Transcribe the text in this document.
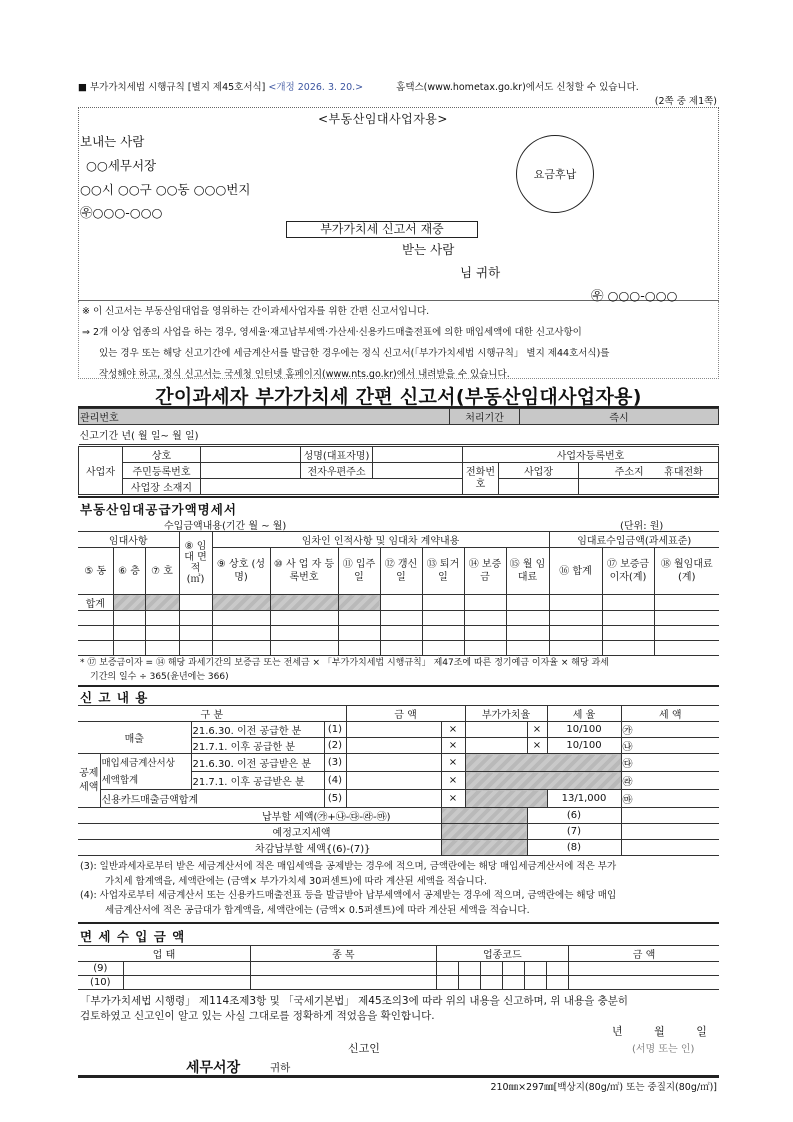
■ 부가가치세법 시행규칙 [별지 제45호서식] <개정 2026. 3. 20.>	홈택스(www.hometax.go.kr)에서도 신청할 수 있습니다.
(2쪽 중 제1쪽)
<부동산임대사업자용>
보내는 사람
○○세무서장
○○시 ○○구 ○○동 ○○○번지
㉾○○○-○○○
요금후납
부가가치세 신고서 재중
받는 사람
님 귀하
㉾ ○○○-○○○
※ 이 신고서는 부동산임대업을 영위하는 간이과세사업자를 위한 간편 신고서입니다.
⇒ 2개 이상 업종의 사업을 하는 경우, 영세율·재고납부세액·가산세·신용카드매출전표에 의한 매입세액에 대한 신고사항이
있는 경우 또는 해당 신고기간에 세금계산서를 발급한 경우에는 정식 신고서(「부가가치세법 시행규칙」 별지 제44호서식)를
작성해야 하고, 정식 신고서는 국세청 인터넷 홈페이지(www.nts.go.kr)에서 내려받을 수 있습니다.
간이과세자 부가가치세 간편 신고서(부동산임대사업자용)
관리번호	처리기간	즉시
신고기간 년( 월 일~ 월 일)
사업자	상호		성명(대표자명)		사업자등록번호		
	주민등록번호		전자우편주소		전화번호	사업장	주소지 휴대전화
	사업장 소재지						
부동산임대공급가액명세서
수입금액내용(기간 월 ~ 월)	(단위: 원)
임대사항			⑧ 임대 면적 (㎡)	임차인 인적사항 및 임대차 계약내용							임대료수입금액(과세표준)		
⑤ 동	⑥ 층	⑦ 호		⑨ 상호 (성명)	⑩ 사 업 자 등록번호	⑪ 입주일	⑫ 갱신일	⑬ 퇴거일	⑭ 보증금	⑮ 월 임대료	⑯ 합계	⑰ 보증금 이자(계)	⑱ 월임대료 (계)
합계													

* ⑰ 보증금이자 = ⑭ 해당 과세기간의 보증금 또는 전세금 × 「부가가치세법 시행규칙」 제47조에 따른 정기예금 이자율 × 해당 과세
기간의 일수 ÷ 365(윤년에는 366)
신 고 내 용
구 분				금 액		부가가치율		세 율	세 액
매출		21.6.30. 이전 공급한 분	(1)		×		×	10/100	㉮
		21.7.1. 이후 공급한 분	(2)		×		×	10/100	㉯
공제세액	매입세금계산서상
세액합계	21.6.30. 이전 공급받은 분	(3)		×				㉰
		21.7.1. 이후 공급받은 분	(4)		×				㉱
	신용카드매출금액합계		(5)		×			13/1,000	㉲
납부할 세액(㉮+㉯-㉰-㉱-㉲)							(6)		
예정고지세액							(7)		
차감납부할 세액{(6)-(7)}							(8)		
(3): 일반과세자로부터 받은 세금계산서에 적은 매입세액을 공제받는 경우에 적으며, 금액란에는 해당 매입세금계산서에 적은 부가
가치세 합계액을, 세액란에는 (금액× 부가가치세 30퍼센트)에 따라 계산된 세액을 적습니다.
(4): 사업자로부터 세금계산서 또는 신용카드매출전표 등을 발급받아 납부세액에서 공제받는 경우에 적으며, 금액란에는 해당 매입
세금계산서에 적은 공급대가 합계액을, 세액란에는 (금액× 0.5퍼센트)에 따라 계산된 세액을 적습니다.
면 세 수 입 금 액
업 태		종 목	업종코드						금 액
(9)									
(10)									
「부가가치세법 시행령」 제114조제3항 및 「국세기본법」 제45조의3에 따라 위의 내용을 신고하며, 위 내용을 충분히
검토하였고 신고인이 알고 있는 사실 그대로를 정확하게 적었음을 확인합니다.
년 월 일
신고인	(서명 또는 인)
세무서장	귀하
210㎜×297㎜[백상지(80g/㎡) 또는 중질지(80g/㎡)]
